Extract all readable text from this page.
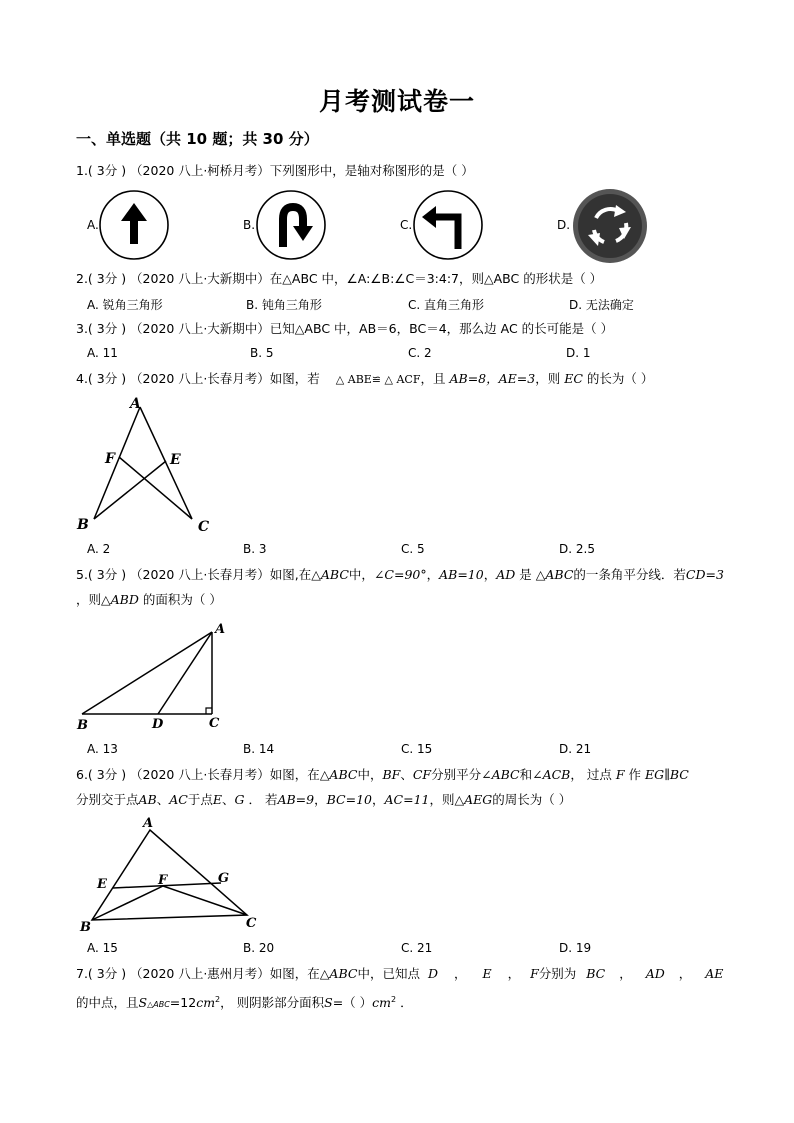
月考测试卷一
一、单选题（共 10 题；共 30 分）
1.( 3分 ) （2020 八上·柯桥月考）下列图形中，是轴对称图形的是（ ）
A.	B.	C.	D.
2.( 3分 ) （2020 八上·大新期中）在△ABC 中，∠A:∠B:∠C＝3:4:7，则△ABC 的形状是（ ）
A. 锐角三角形	B. 钝角三角形	C. 直角三角形	D. 无法确定
3.( 3分 ) （2020 八上·大新期中）已知△ABC 中，AB＝6，BC＝4，那么边 AC 的长可能是（ ）
A. 11	B. 5	C. 2	D. 1
4.( 3分 ) （2020 八上·长春月考）如图，若 △ ABE≌ △ ACF，且 AB=8，AE=3，则 EC 的长为（ ）
A
F	E
B	C
A. 2	B. 3	C. 5	D. 2.5
5.( 3分 ) （2020 八上·长春月考）如图,在△ABC中，∠C=90°，AB=10，AD 是 △ABC的一条角平分线．若CD=3
，则△ABD 的面积为（ ）
A
B	D	C
A. 13	B. 14	C. 15	D. 21
6.( 3分 ) （2020 八上·长春月考）如图，在△ABC中，BF、CF分别平分∠ABC和∠ACB， 过点 F 作 EG∥BC
分别交于点AB、AC于点E、G ． 若AB=9，BC=10，AC=11，则△AEG的周长为（ ）
A
E	F	G
B	C
A. 15	B. 20	C. 21	D. 19
7.( 3分 ) （2020 八上·惠州月考）如图，在△ABC中，已知点 D ， E ， F分别为 BC ， AD ， AE
的中点，且$S\triangle ABC=12cm^2$， 则阴影部分面积S=（ ）$cm^2$ ．
